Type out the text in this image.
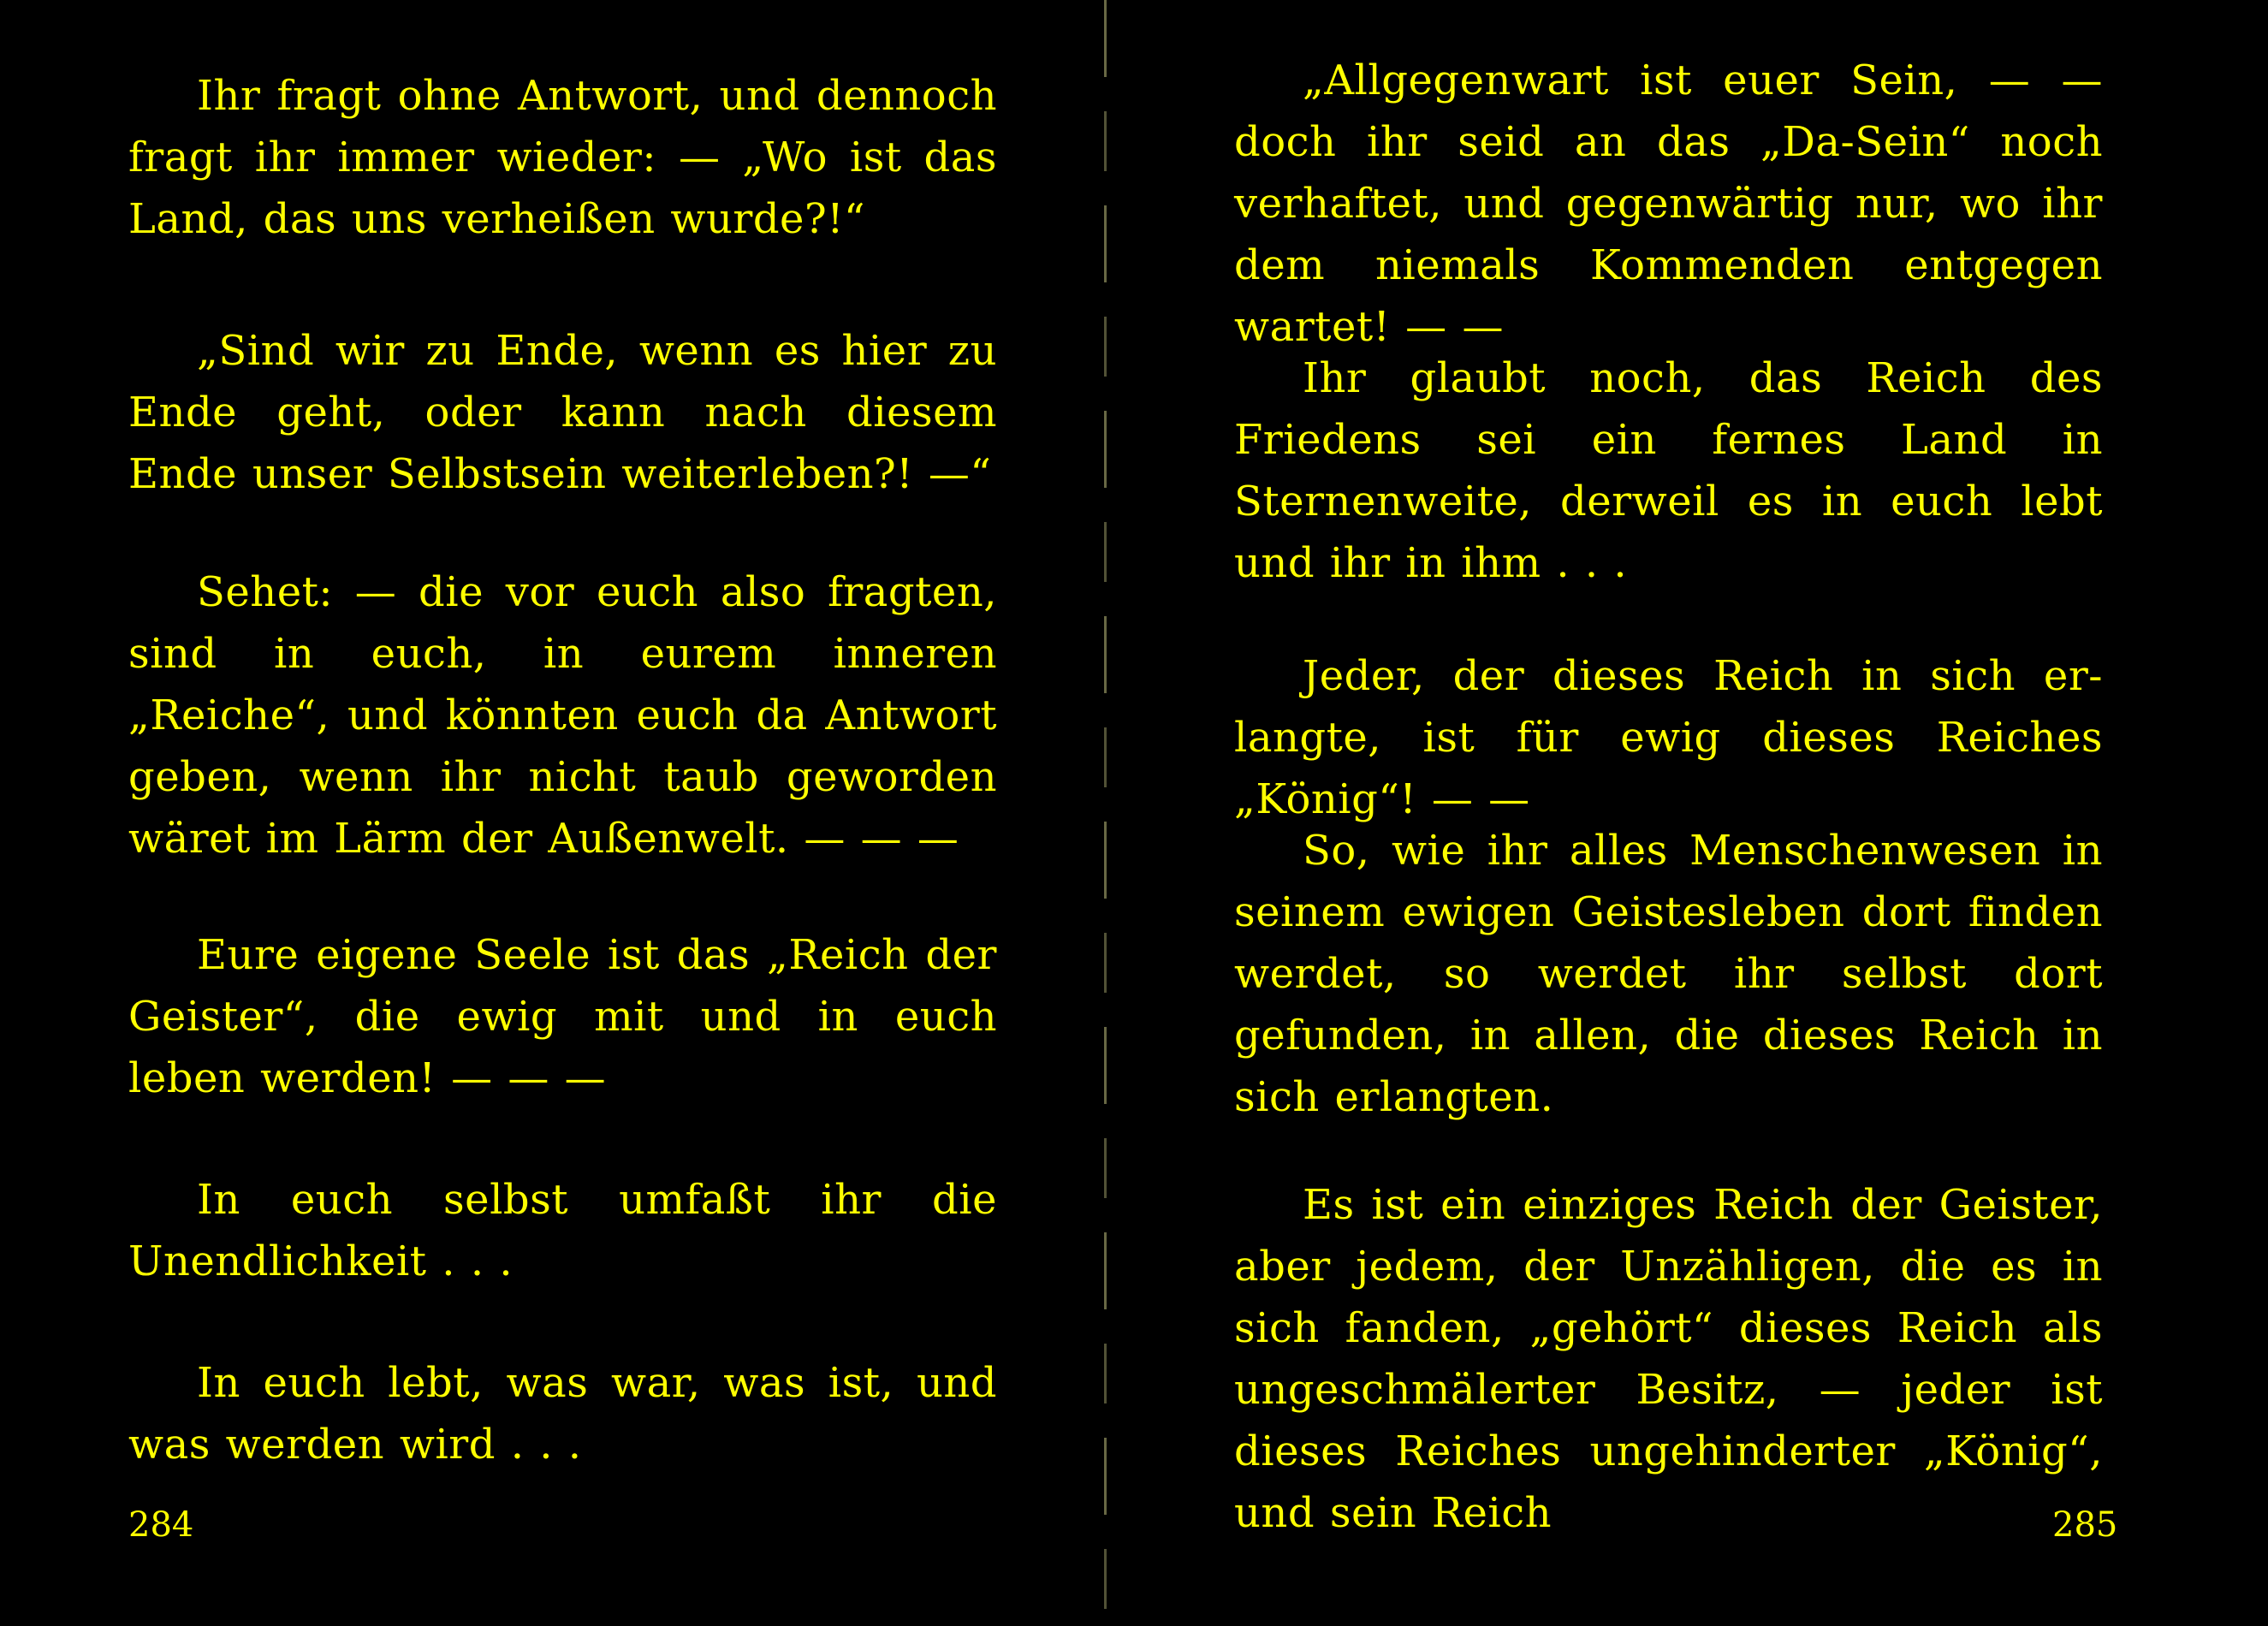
Ihr fragt ohne Antwort, und dennoch fragt ihr immer wieder: — „Wo ist das Land, das uns verheißen wurde?!“

„Sind wir zu Ende, wenn es hier zu Ende geht, oder kann nach diesem Ende unser Selbstsein weiterleben?! —“

Sehet: — die vor euch also fragten, sind in euch, in eurem inneren „Reiche“, und könnten euch da Antwort geben, wenn ihr nicht taub geworden wäret im Lärm der Außenwelt. — — —

Eure eigene Seele ist das „Reich der Geister“, die ewig mit und in euch leben werden! — — —

In euch selbst umfaßt ihr die Unendlichkeit . . .

In euch lebt, was war, was ist, und was werden wird . . .

284

„Allgegenwart ist euer Sein, — — doch ihr seid an das „Da-Sein“ noch verhaftet, und gegenwärtig nur, wo ihr dem niemals Kommenden entgegen wartet! — —

Ihr glaubt noch, das Reich des Friedens sei ein fernes Land in Sternenweite, derweil es in euch lebt und ihr in ihm . . .

Jeder, der dieses Reich in sich er-langte, ist für ewig dieses Reiches „König“! — —

So, wie ihr alles Menschenwesen in seinem ewigen Geistesleben dort finden werdet, so werdet ihr selbst dort gefunden, in allen, die dieses Reich in sich erlangten.

Es ist ein einziges Reich der Geister, aber jedem, der Unzähligen, die es in sich fanden, „gehört“ dieses Reich als ungeschmälerter Besitz, — jeder ist dieses Reiches ungehinderter „König“, und sein Reich	285
